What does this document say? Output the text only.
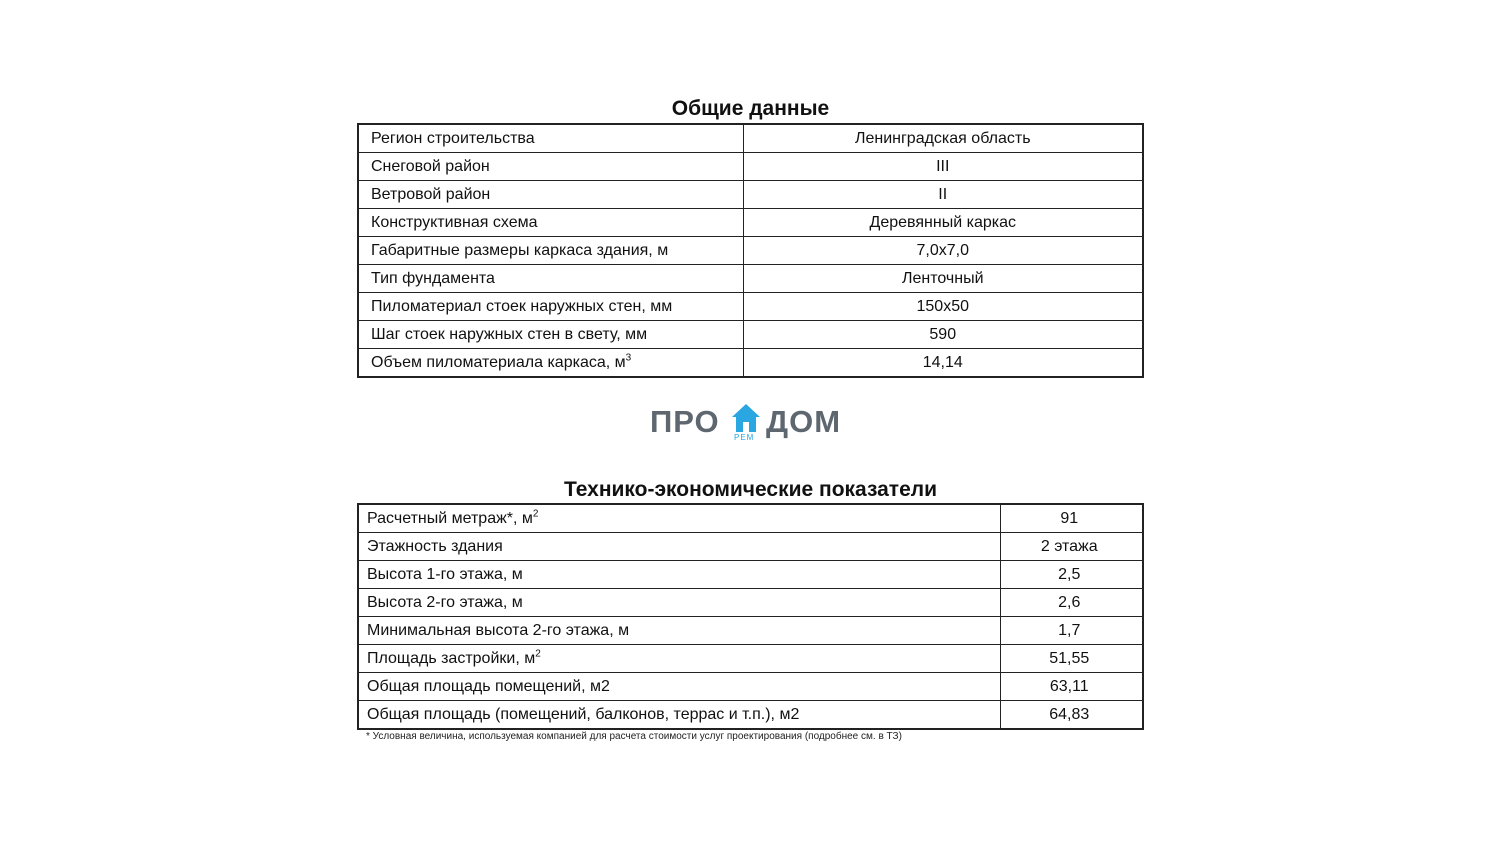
Общие данные
Регион строительства	Ленинградская область
Снеговой район	III
Ветровой район	II
Конструктивная схема	Деревянный каркас
Габаритные размеры каркаса здания, м	7,0х7,0
Тип фундамента	Ленточный
Пиломатериал стоек наружных стен, мм	150х50
Шаг стоек наружных стен в свету, мм	590
Объем пиломатериала каркаса, $м^3$	14,14
ПРО РЕМ ДОМ
Технико-экономические показатели
Расчетный метраж*, $м^2$	91
Этажность здания	2 этажа
Высота 1-го этажа, м	2,5
Высота 2-го этажа, м	2,6
Минимальная высота 2-го этажа, м	1,7
Площадь застройки, $м^2$	51,55
Общая площадь помещений, м2	63,11
Общая площадь (помещений, балконов, террас и т.п.), м2	64,83
* Условная величина, используемая компанией для расчета стоимости услуг проектирования (подробнее см. в ТЗ)
